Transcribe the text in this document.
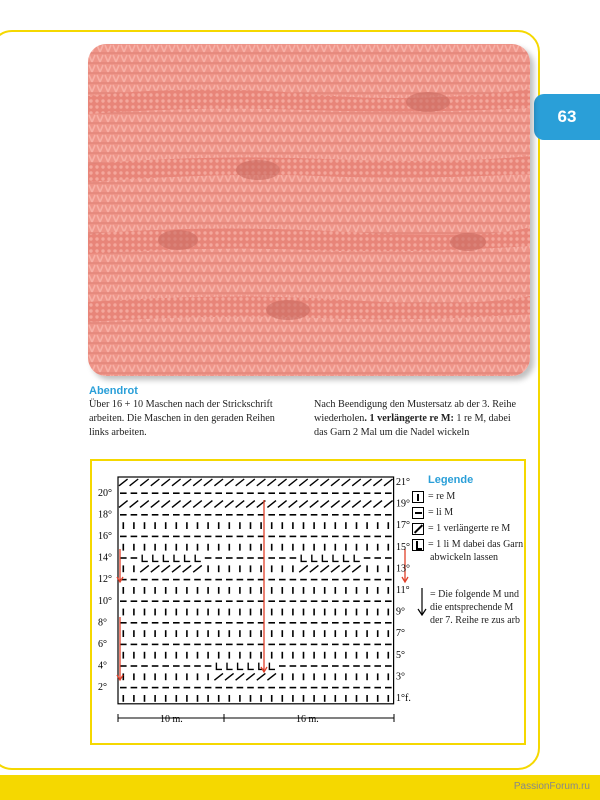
63
Abendrot
Über 16 + 10 Maschen nach der Strickschrift arbeiten. Die Maschen in den geraden Reihen links arbeiten.
Nach Beendigung den Mustersatz ab der 3. Reihe wiederholen. 1 verlängerte re M: 1 re M, dabei das Garn 2 Mal um die Nadel wickeln
20°
18°
16°
14°
12°
10°
8°
6°
4°
2°
21°
19°
17°
15°
13°
11°
9°
7°
5°
3°
1°f.
10 m.	16 m.
Legende
= re M
= li M
= 1 verlängerte re M
= 1 li M dabei das Garn abwickeln lassen
= Die folgende M und die entsprechende M der 7. Reihe re zus arb
PassionForum.ru
